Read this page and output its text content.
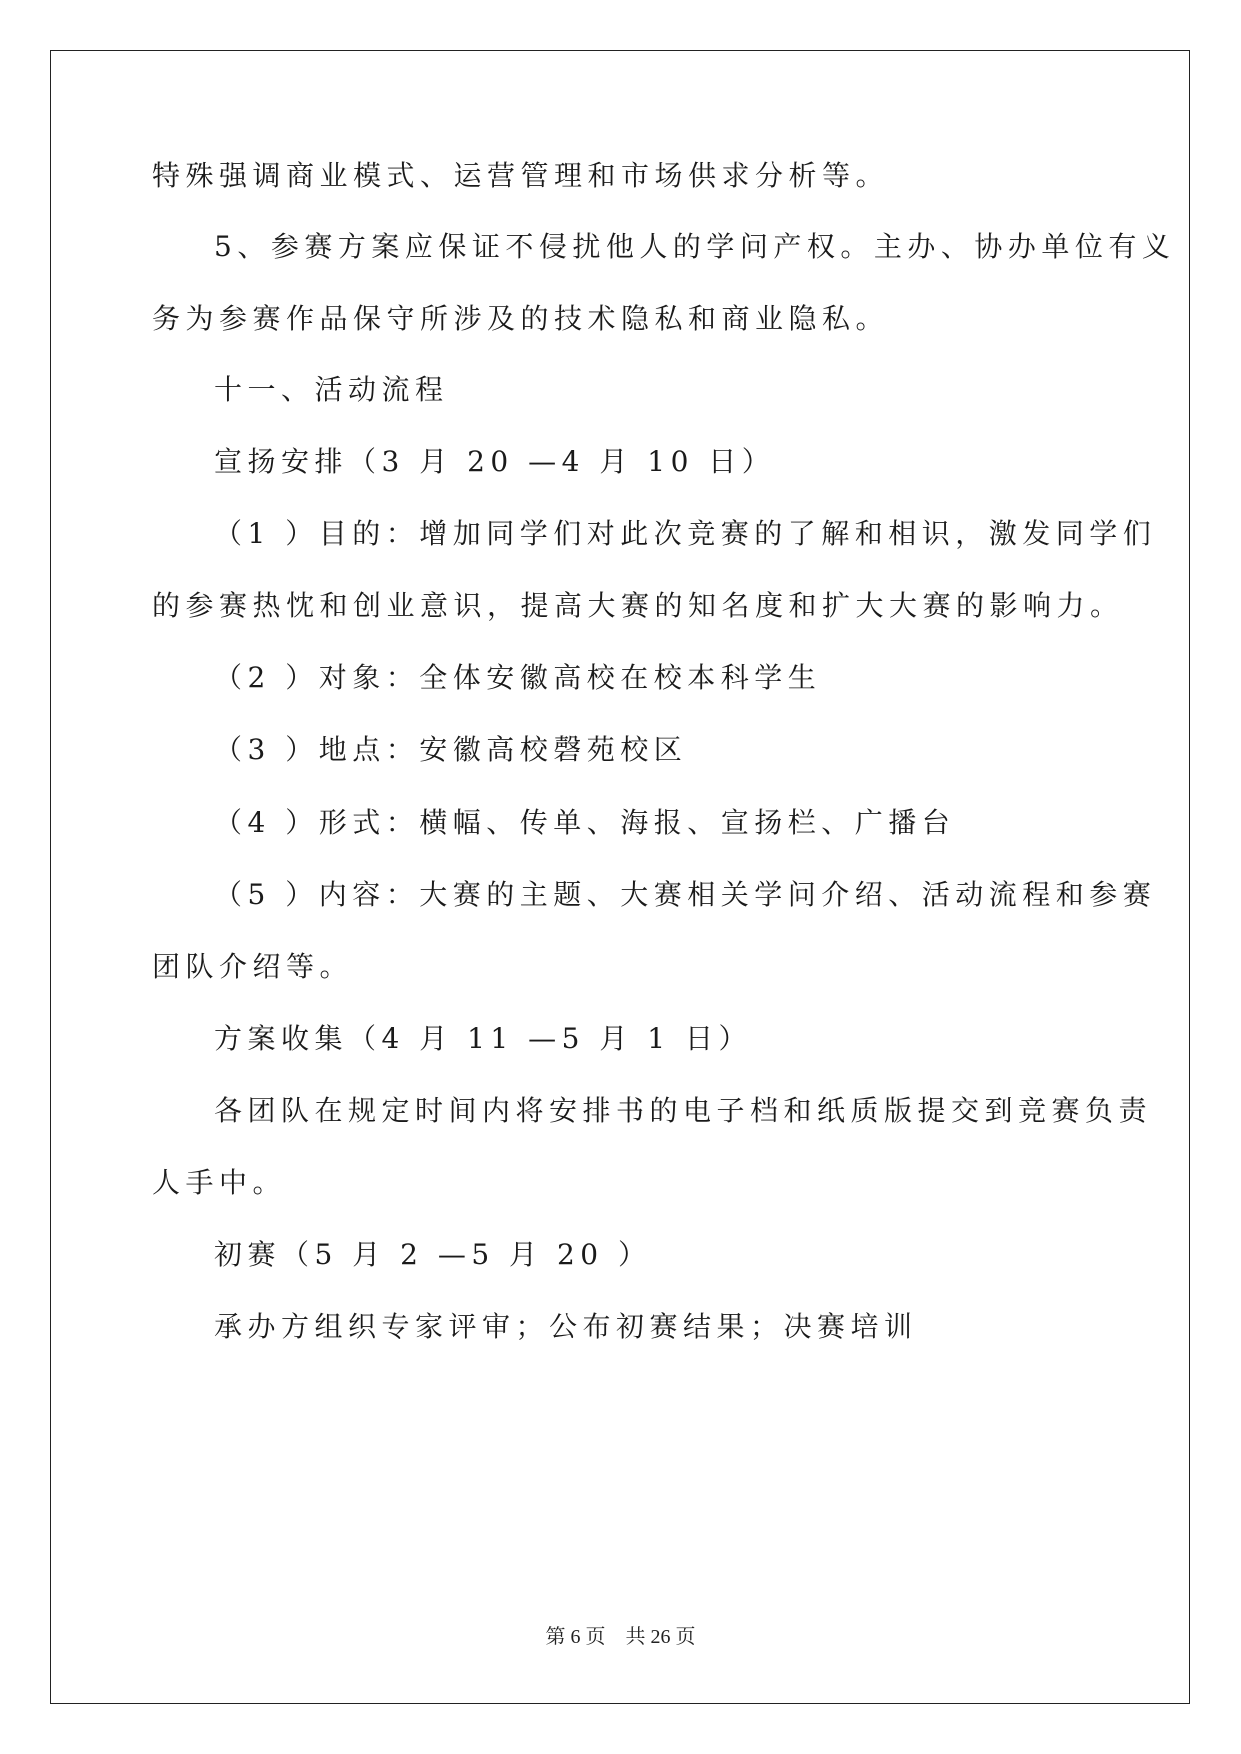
特殊强调商业模式、运营管理和市场供求分析等。
5、参赛方案应保证不侵扰他人的学问产权。主办、协办单位有义
务为参赛作品保守所涉及的技术隐私和商业隐私。
十一、活动流程
宣扬安排（3 月 20 —4 月 10 日）
（1 ）目的：增加同学们对此次竞赛的了解和相识，激发同学们
的参赛热忱和创业意识，提高大赛的知名度和扩大大赛的影响力。
（2 ）对象：全体安徽高校在校本科学生
（3 ）地点：安徽高校磬苑校区
（4 ）形式：横幅、传单、海报、宣扬栏、广播台
（5 ）内容：大赛的主题、大赛相关学问介绍、活动流程和参赛
团队介绍等。
方案收集（4 月 11 —5 月 1 日）
各团队在规定时间内将安排书的电子档和纸质版提交到竞赛负责
人手中。
初赛（5 月 2 —5 月 20 ）
承办方组织专家评审；公布初赛结果；决赛培训
第 6 页    共 26 页
